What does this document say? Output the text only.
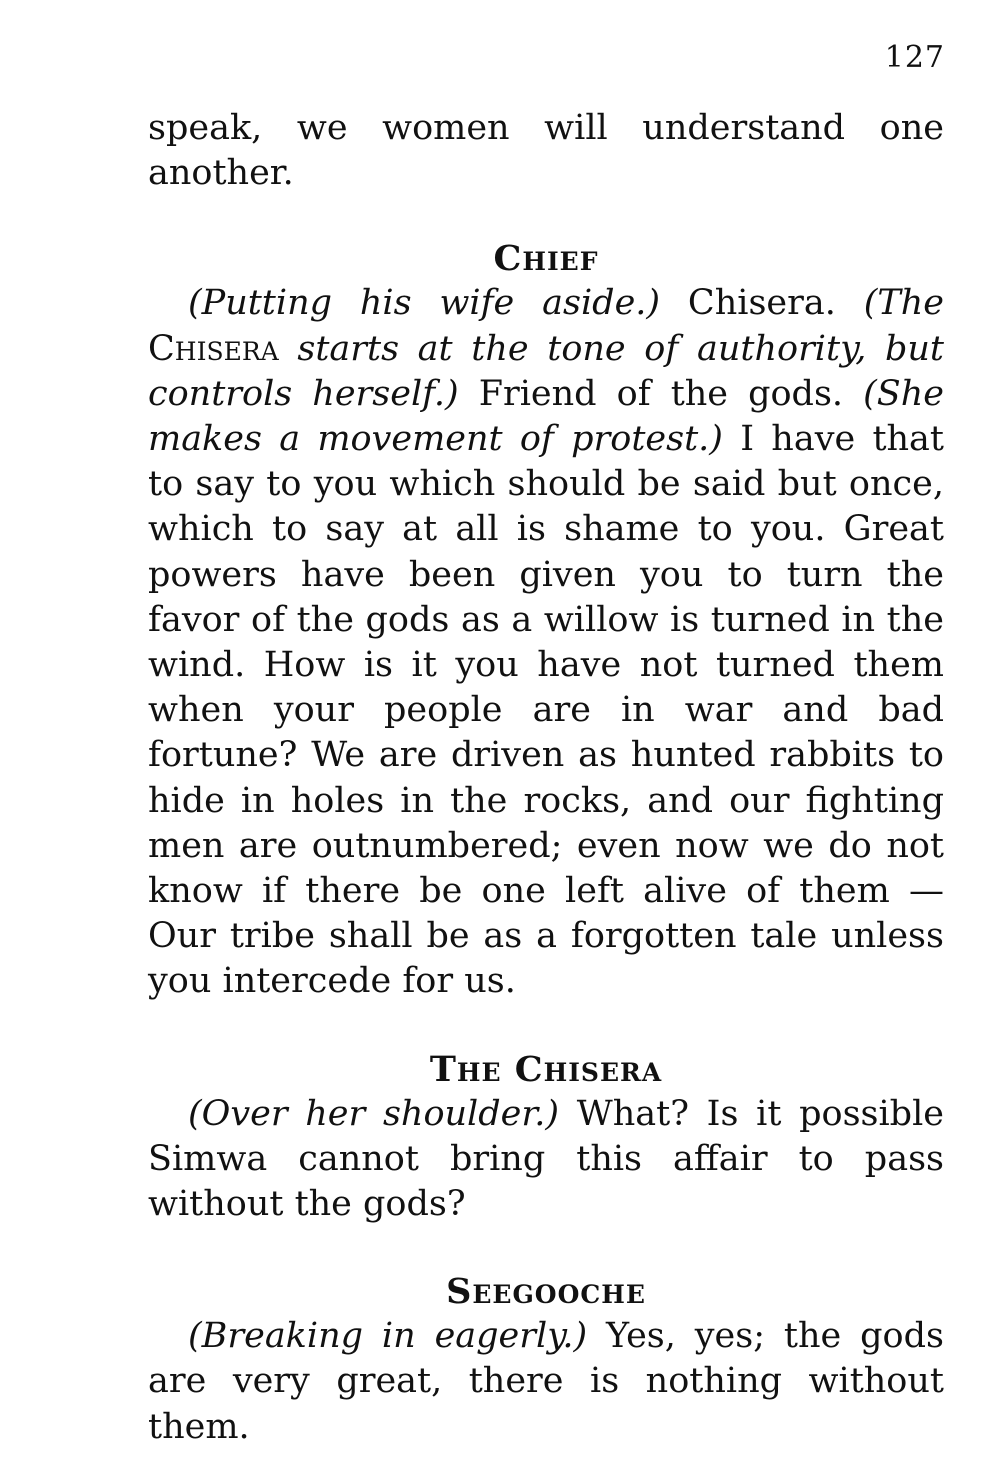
127

speak, we women will understand one another.

Chief

(Putting his wife aside.) Chisera. (The Chisera starts at the tone of authority, but controls herself.) Friend of the gods. (She makes a movement of protest.) I have that to say to you which should be said but once, which to say at all is shame to you. Great powers have been given you to turn the favor of the gods as a willow is turned in the wind. How is it you have not turned them when your people are in war and bad fortune? We are driven as hunted rabbits to hide in holes in the rocks, and our fighting men are outnumbered; even now we do not know if there be one left alive of them — Our tribe shall be as a forgotten tale unless you intercede for us.

The Chisera

(Over her shoulder.) What? Is it possible Simwa cannot bring this affair to pass without the gods?

Seegooche

(Breaking in eagerly.) Yes, yes; the gods are very great, there is nothing without them.
